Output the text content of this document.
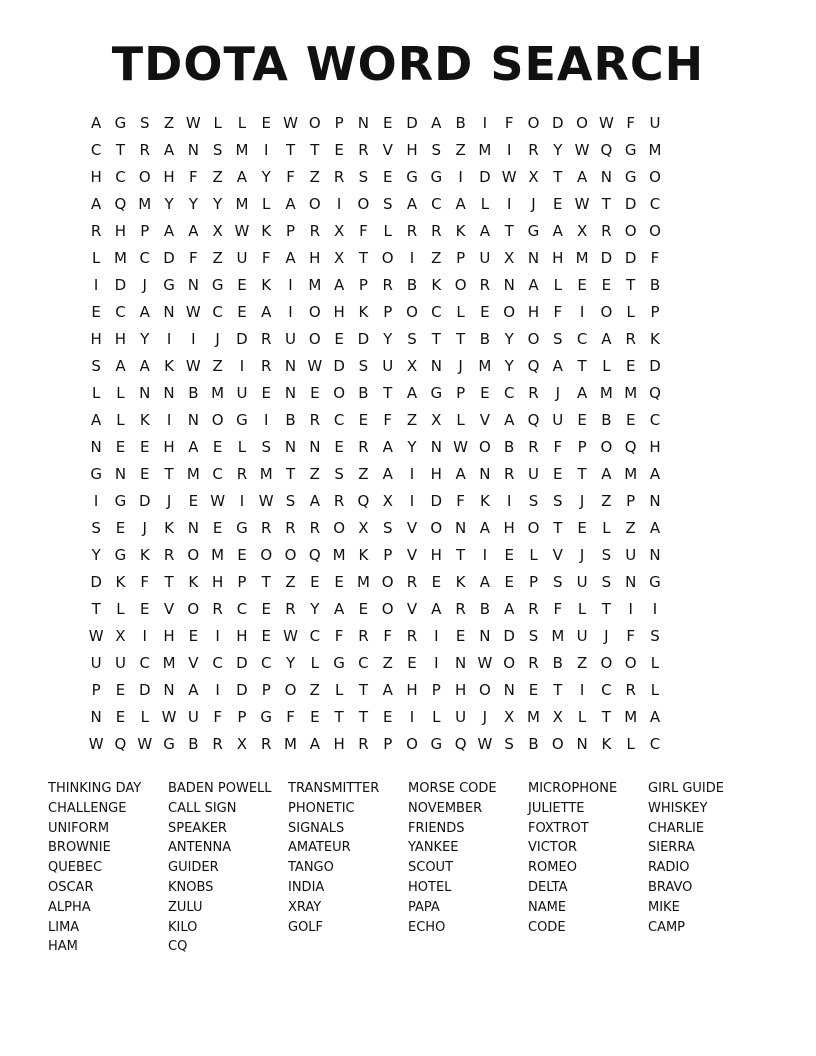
TDOTA WORD SEARCH
A G S Z W L	L	E W O P N E D A B	I	F O D O W F U
C T R A N S M	I	T	T E R V H S Z M	I	R Y W Q G M
H C O H F Z A Y	F Z R S E G G	I	D W X T A N G O
A Q M Y	Y	Y M L A O	I	O S A C A L	I	J	E W T D C
R H P A A X W K P R X F	L R R K A T G A X R O O
L M C D F Z U F A H X T O	I	Z P U X N H M D D F
I	D	J	G N G E K	I	M A P R B K O R N A L	E E T B
E C A N W C E A	I	O H K P O C L	E O H F	I	O L	P
H H Y	I	I	J	D R U O E D Y S T	T B Y O S C A R K
S A A K W Z	I	R N W D S U X N	J	M Y Q A T	L	E D
L	L N N B M U E N E O B T A G P	E C R	J	A M M Q
A L	K	I	N O G	I	B R C E	F Z X L V A Q U E B E C
N E E H A E	L	S N N E R A Y N W O B R F	P O Q H
G N E T M C R M T Z S Z A	I	H A N R U E T A M A
I	G D	J	E W I W S A R Q X	I	D F	K	I	S S	J	Z P N
S E	J	K N E G R R R O X S V O N A H O T E	L Z A
Y G K R O M E O O Q M K P V H T	I	E	L V	J	S U N
D K	F	T K H P	T Z E E M O R E K A E	P	S U S N G
T	L	E V O R C E R Y A E O V A R B A R F	L	T	I	I
W X	I	H E	I	H E W C F R F R	I	E N D S M U	J	F	S
U U C M V C D C Y	L G C Z E	I	N W O R B Z O O L
P	E D N A	I	D P O Z L	T A H P H O N E T	I	C R L
N E	L W U F	P G F	E T	T E	I	L U	J	X M X L	T M A
W Q W G B R X R M A H R P O G Q W S B O N K	L C
THINKING DAY	BADEN POWELL	TRANSMITTER	MORSE CODE	MICROPHONE	GIRL GUIDE
CHALLENGE	CALL SIGN	PHONETIC	NOVEMBER	JULIETTE	WHISKEY
UNIFORM	SPEAKER	SIGNALS	FRIENDS	FOXTROT	CHARLIE
BROWNIE	ANTENNA	AMATEUR	YANKEE	VICTOR	SIERRA
QUEBEC	GUIDER	TANGO	SCOUT	ROMEO	RADIO
OSCAR	KNOBS	INDIA	HOTEL	DELTA	BRAVO
ALPHA	ZULU	XRAY	PAPA	NAME	MIKE
LIMA	KILO	GOLF	ECHO	CODE	CAMP
HAM	CQ
